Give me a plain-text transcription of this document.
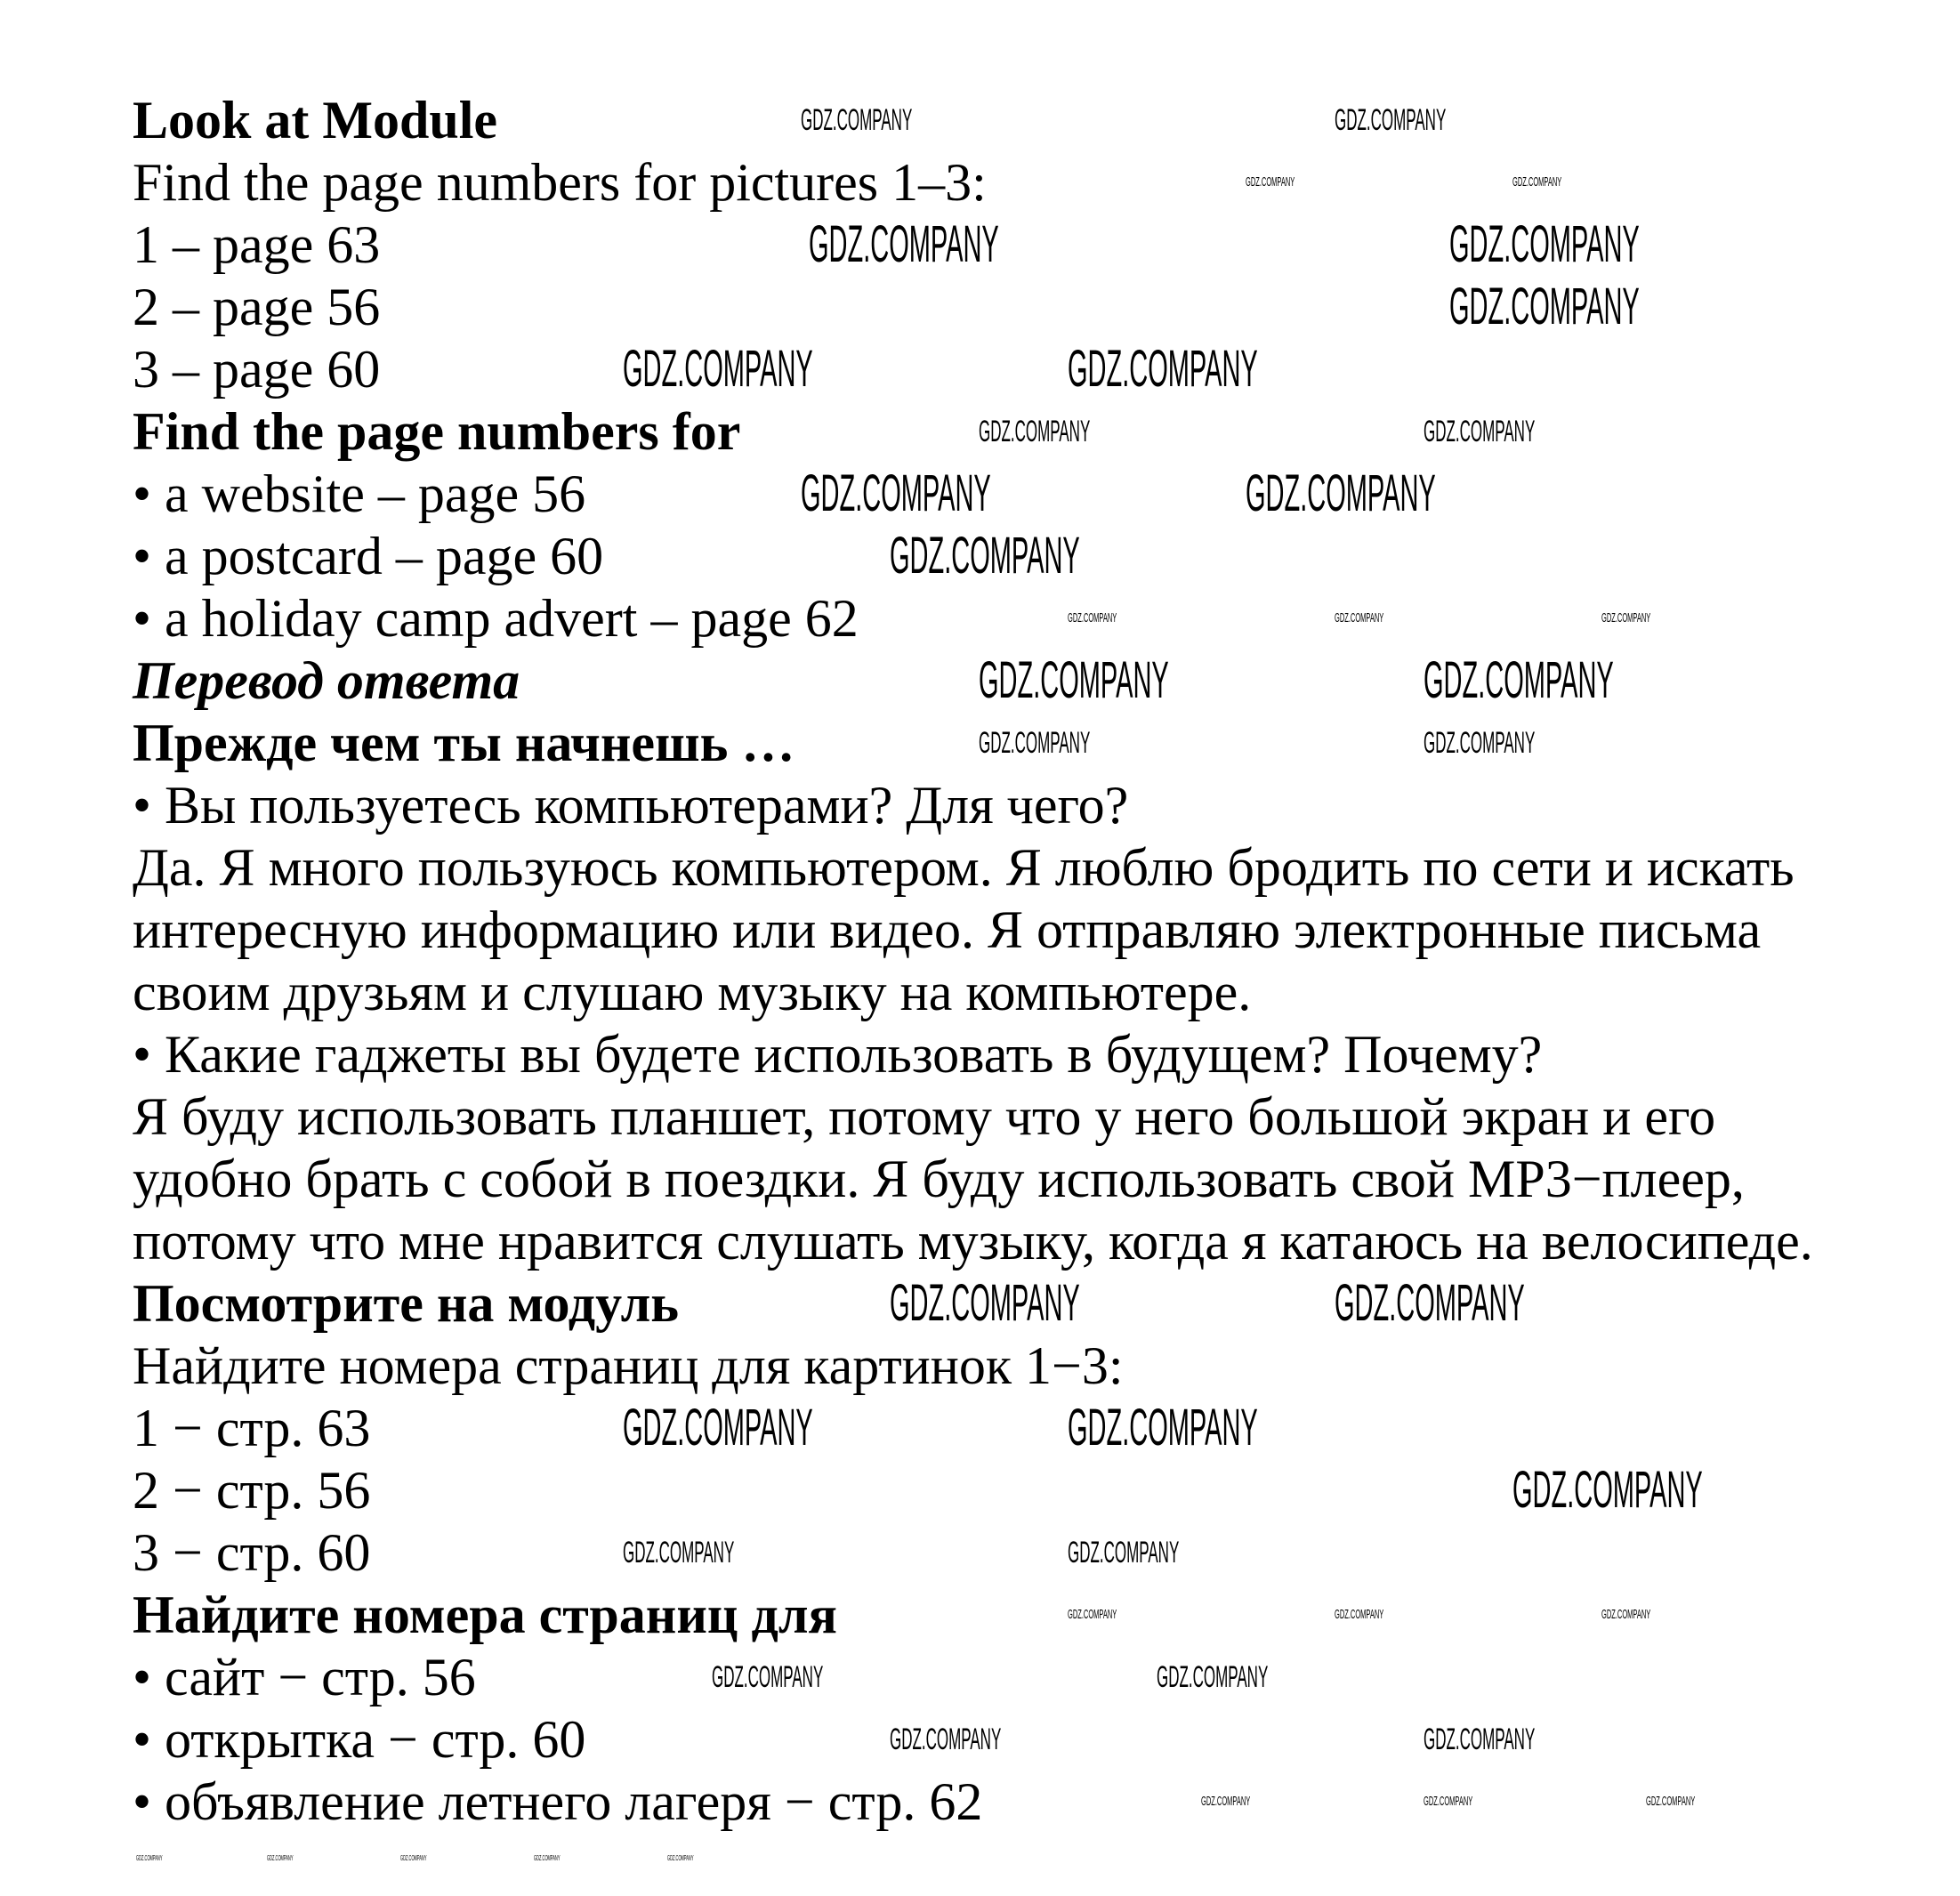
Look at Module
Find the page numbers for pictures 1–3:
1 – page 63
2 – page 56
3 – page 60
Find the page numbers for
• a website – page 56
• a postcard – page 60
• a holiday camp advert – page 62
Перевод ответа
Прежде чем ты начнешь …
• Вы пользуетесь компьютерами? Для чего?
Да. Я много пользуюсь компьютером. Я люблю бродить по сети и искать
интересную информацию или видео. Я отправляю электронные письма
своим друзьям и слушаю музыку на компьютере.
• Какие гаджеты вы будете использовать в будущем? Почему?
Я буду использовать планшет, потому что у него большой экран и его
удобно брать с собой в поездки. Я буду использовать свой MP3−плеер,
потому что мне нравится слушать музыку, когда я катаюсь на велосипеде.
Посмотрите на модуль
Найдите номера страниц для картинок 1−3:
1 − стр. 63
2 − стр. 56
3 − стр. 60
Найдите номера страниц для
• сайт − стр. 56
• открытка − стр. 60
• объявление летнего лагеря − стр. 62
GDZ.COMPANY	GDZ.COMPANY
GDZ.COMPANY
GDZ.COMPANY	GDZ.COMPANY
GDZ.COMPANY	GDZ.COMPANY
GDZ.COMPANY
GDZ.COMPANY	GDZ.COMPANY
GDZ.COMPANY	GDZ.COMPANY
GDZ.COMPANY	GDZ.COMPANY
GDZ.COMPANY
GDZ.COMPANY	GDZ.COMPANY
GDZ.COMPANY	GDZ.COMPANY
GDZ.COMPANY	GDZ.COMPANY
GDZ.COMPANY	GDZ.COMPANY
GDZ.COMPANY	GDZ.COMPANY
GDZ.COMPANY	GDZ.COMPANY
GDZ.COMPANY	GDZ.COMPANY	GDZ.COMPANY
GDZ.COMPANY	GDZ.COMPANY	GDZ.COMPANY
GDZ.COMPANY	GDZ.COMPANY	GDZ.COMPANY
GDZ.COMPANY	GDZ.COMPANY
GDZ.COMPANY	GDZ.COMPANY	GDZ.COMPANY	GDZ.COMPANY	GDZ.COMPANY
